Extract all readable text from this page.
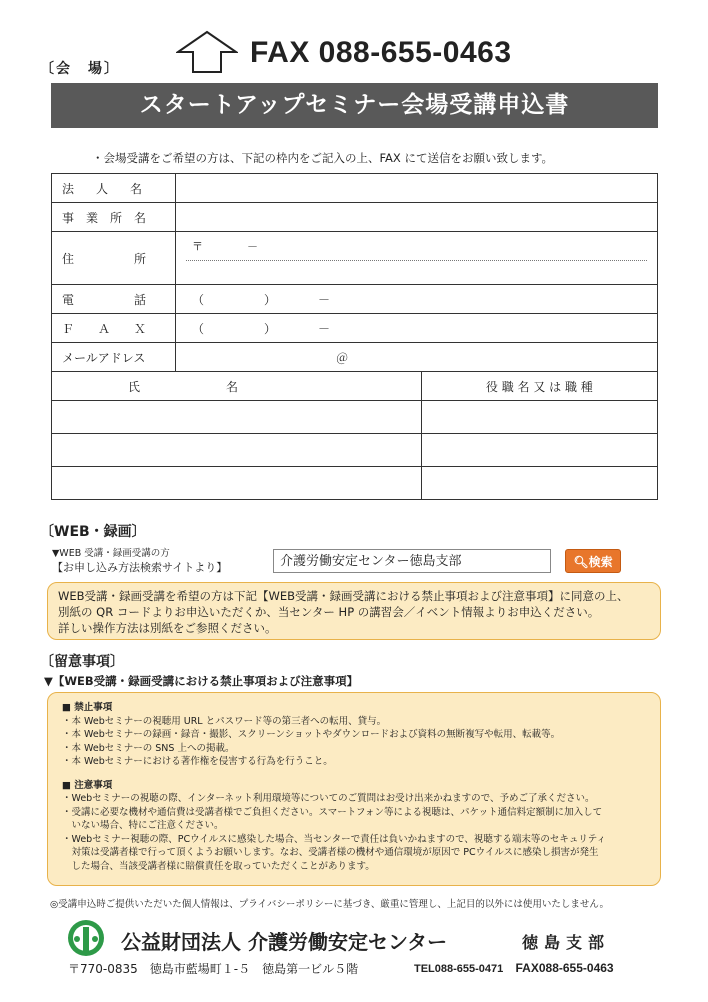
〔会　場〕	FAX 088-655-0463
スタートアップセミナー会場受講申込書
・会場受講をご希望の方は、下記の枠内をご記入の上、FAX にて送信をお願い致します。
法 人 名		

事 業 所 名		

住 所	〒　　　　－	

電 話	（　　　　　）　　　　－	

Ｆ Ａ Ｘ	（　　　　　）　　　　－	
メールアドレス	＠	

氏 名		役 職 名 又 は 職 種

〔WEB・録画〕
▼WEB 受講・録画受講の方
【お申し込み方法検索サイトより】	介護労働安定センター徳島支部	🔍︎検索
WEB受講・録画受講を希望の方は下記【WEB受講・録画受講における禁止事項および注意事項】に同意の上、
別紙の QR コードよりお申込いただくか、当センター HP の講習会／イベント情報よりお申込ください。
詳しい操作方法は別紙をご参照ください。
〔留意事項〕
▼【WEB受講・録画受講における禁止事項および注意事項】
■ 禁止事項
・本 Webセミナーの視聴用 URL とパスワード等の第三者への転用、貸与。
・本 Webセミナーの録画・録音・撮影、スクリーンショットやダウンロードおよび資料の無断複写や転用、転載等。
・本 Webセミナーの SNS 上への掲載。
・本 Webセミナーにおける著作権を侵害する行為を行うこと。
■ 注意事項
・Webセミナーの視聴の際、インターネット利用環境等についてのご質問はお受け出来かねますので、予めご了承ください。
・受講に必要な機材や通信費は受講者様でご負担ください。スマートフォン等による視聴は、パケット通信料定額制に加入して
　いない場合、特にご注意ください。
・Webセミナー視聴の際、PCウイルスに感染した場合、当センターで責任は負いかねますので、視聴する端末等のセキュリティ
　対策は受講者様で行って頂くようお願いします。なお、受講者様の機材や通信環境が原因で PCウイルスに感染し損害が発生
　した場合、当該受講者様に賠償責任を取っていただくことがあります。
◎受講申込時ご提供いただいた個人情報は、プライバシーポリシーに基づき、厳重に管理し、上記目的以外には使用いたしません。
公益財団法人 介護労働安定センター	徳島支部
〒770-0835　徳島市藍場町１-５　徳島第一ビル５階	TEL088-655-0471 FAX088-655-0463
